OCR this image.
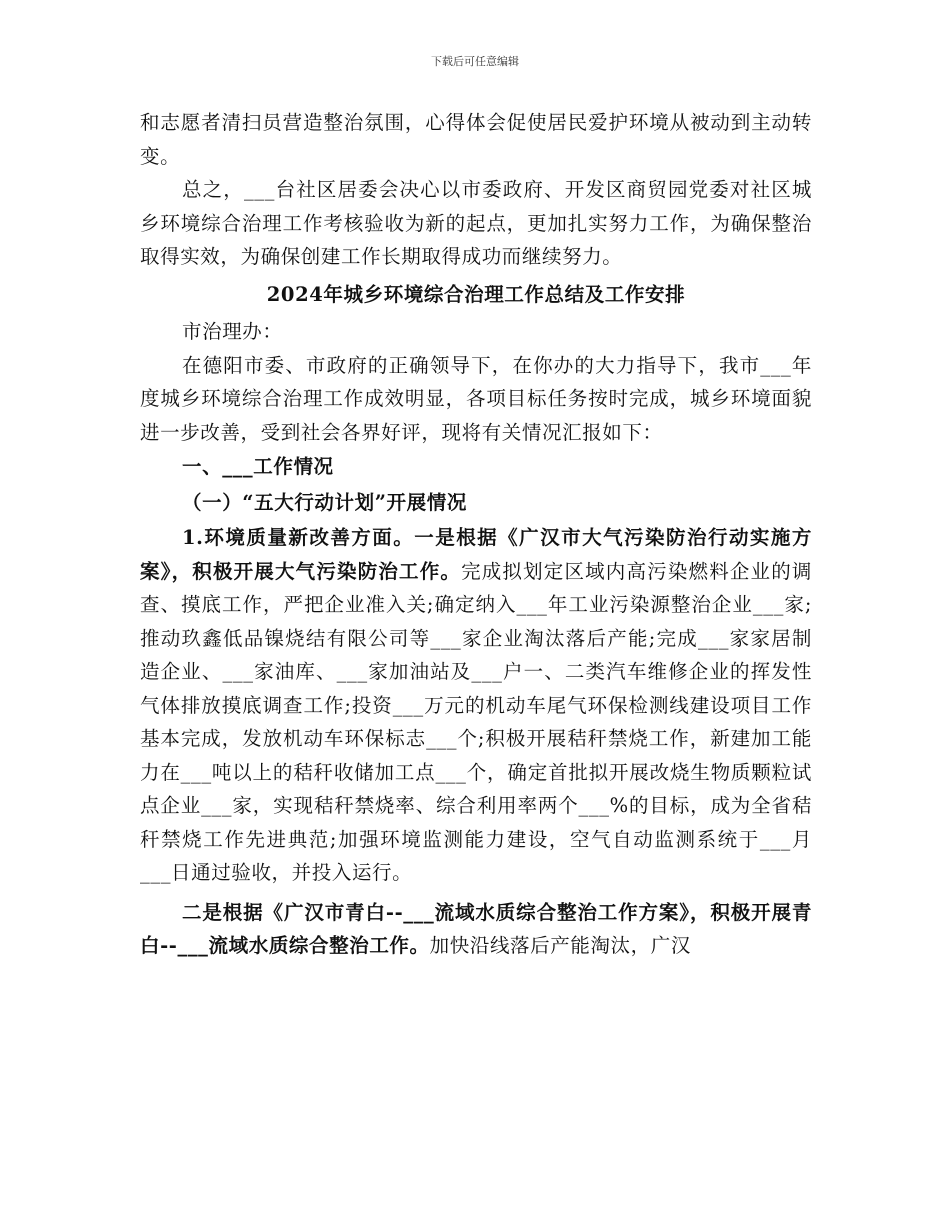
下载后可任意编辑

和志愿者清扫员营造整治氛围，心得体会促使居民爱护环境从被动到主动转变。

总之，___台社区居委会决心以市委政府、开发区商贸园党委对社区城乡环境综合治理工作考核验收为新的起点，更加扎实努力工作，为确保整治取得实效，为确保创建工作长期取得成功而继续努力。

2024年城乡环境综合治理工作总结及工作安排

市治理办：

在德阳市委、市政府的正确领导下，在你办的大力指导下，我市___年度城乡环境综合治理工作成效明显，各项目标任务按时完成，城乡环境面貌进一步改善，受到社会各界好评，现将有关情况汇报如下：

一、___工作情况

（一）“五大行动计划”开展情况

1.环境质量新改善方面。一是根据《广汉市大气污染防治行动实施方案》，积极开展大气污染防治工作。完成拟划定区域内高污染燃料企业的调查、摸底工作，严把企业准入关;确定纳入___年工业污染源整治企业___家;推动玖鑫低品镍烧结有限公司等___家企业淘汰落后产能;完成___家家居制造企业、___家油库、___家加油站及___户一、二类汽车维修企业的挥发性气体排放摸底调查工作;投资___万元的机动车尾气环保检测线建设项目工作基本完成，发放机动车环保标志___个;积极开展秸秆禁烧工作，新建加工能力在___吨以上的秸秆收储加工点___个，确定首批拟开展改烧生物质颗粒试点企业___家，实现秸秆禁烧率、综合利用率两个___%的目标，成为全省秸秆禁烧工作先进典范;加强环境监测能力建设，空气自动监测系统于___月___日通过验收，并投入运行。

二是根据《广汉市青白--___流域水质综合整治工作方案》，积极开展青白--___流域水质综合整治工作。加快沿线落后产能淘汰，广汉
